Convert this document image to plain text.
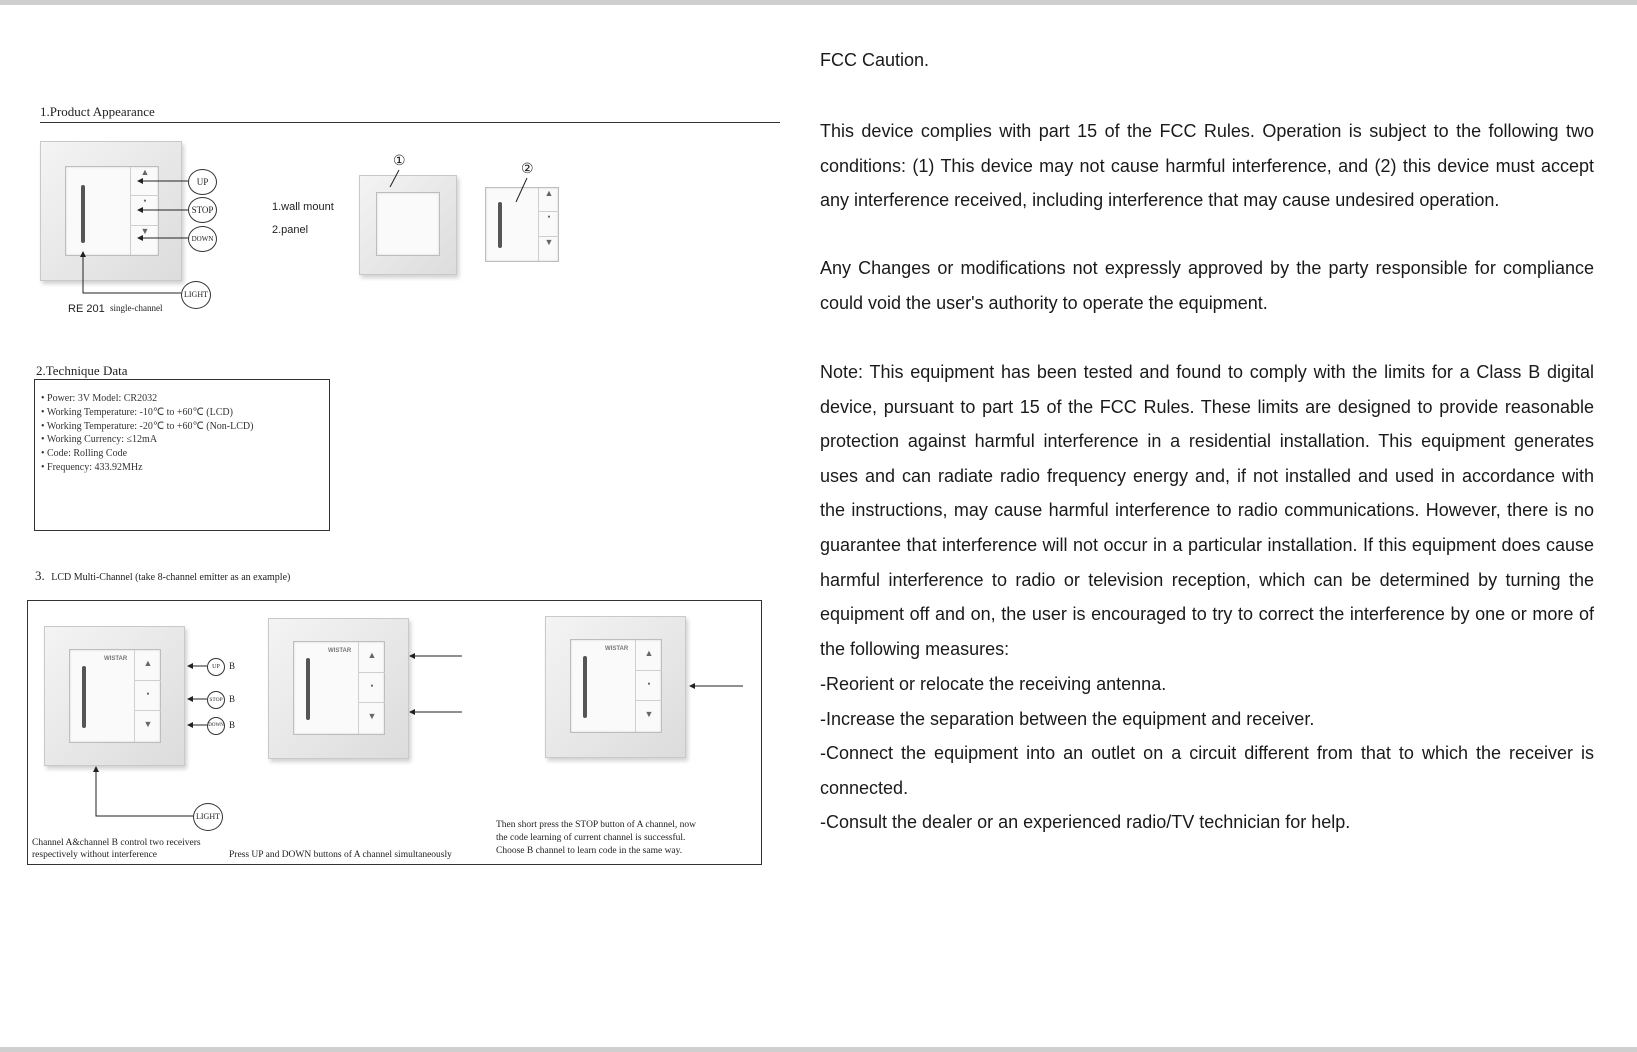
1.Product Appearance
▲
•
▼
UP
STOP
DOWN
LIGHT
RE 201 single-channel
1.wall mount
2.panel
①
▲
•
▼
②
2.Technique Data
• Power: 3V Model: CR2032
• Working Temperature: -10℃ to +60℃ (LCD)
• Working Temperature: -20℃ to +60℃ (Non-LCD)
• Working Currency: ≤12mA
• Code: Rolling Code
• Frequency: 433.92MHz
3. LCD Multi-Channel (take 8-channel emitter as an example)
WISTAR	▲
•
▼
UP
STOP
DOWN
B
B
B
LIGHT
WISTAR	▲
•
▼
WISTAR	▲
•
▼
Channel A&channel B control two receivers
respectively without interference	Press UP and DOWN buttons of A channel simultaneously
Then short press the STOP button of A channel, now
the code learning of current channel is successful.
Choose B channel to learn code in the same way.
FCC Caution.
This device complies with part 15 of the FCC Rules. Operation is subject to the following two conditions: (1) This device may not cause harmful interference, and (2) this device must accept any interference received, including interference that may cause undesired operation.
Any Changes or modifications not expressly approved by the party responsible for compliance could void the user's authority to operate the equipment.
Note: This equipment has been tested and found to comply with the limits for a Class B digital device, pursuant to part 15 of the FCC Rules. These limits are designed to provide reasonable protection against harmful interference in a residential installation. This equipment generates uses and can radiate radio frequency energy and, if not installed and used in accordance with the instructions, may cause harmful interference to radio communications. However, there is no guarantee that interference will not occur in a particular installation. If this equipment does cause harmful interference to radio or television reception, which can be determined by turning the equipment off and on, the user is encouraged to try to correct the interference by one or more of the following measures:
-Reorient or relocate the receiving antenna.
-Increase the separation between the equipment and receiver.
-Connect the equipment into an outlet on a circuit different from that to which the receiver is connected.
-Consult the dealer or an experienced radio/TV technician for help.
